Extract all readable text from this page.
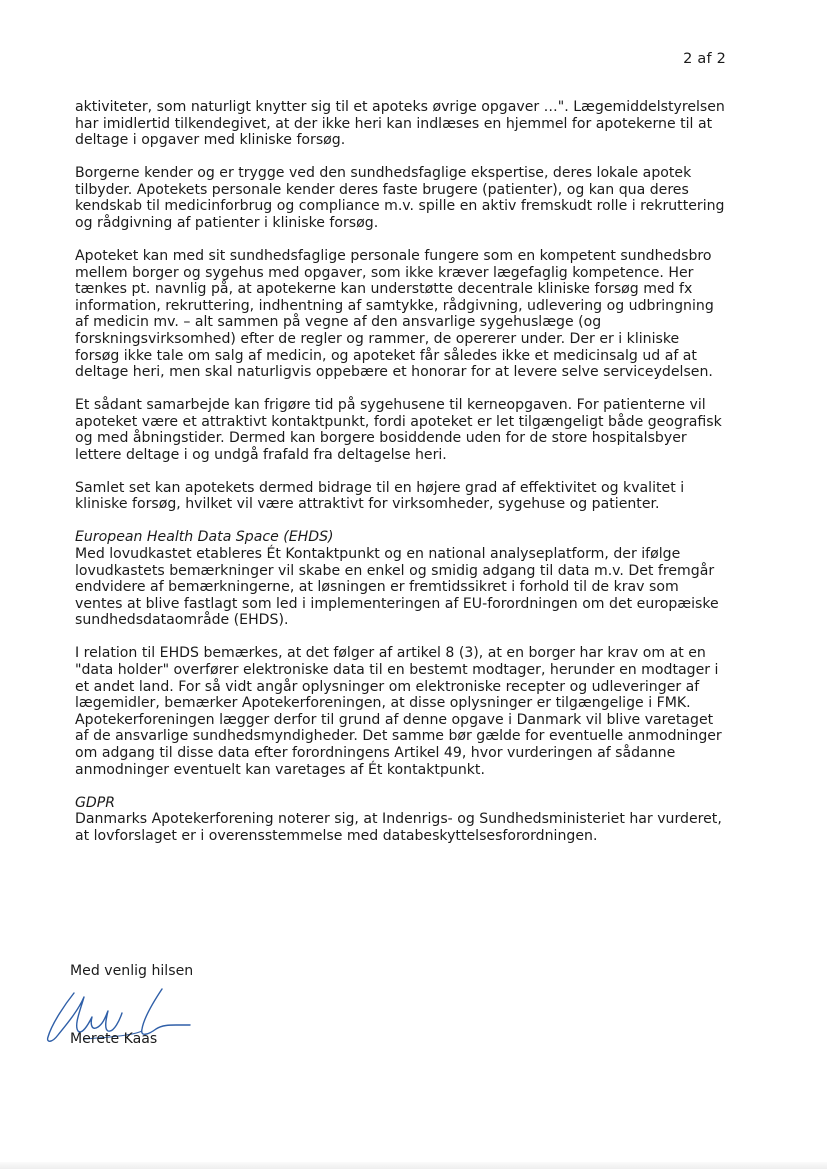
2 af 2

aktiviteter, som naturligt knytter sig til et apoteks øvrige opgaver …". Lægemiddelstyrelsen har imidlertid tilkendegivet, at der ikke heri kan indlæses en hjemmel for apotekerne til at deltage i opgaver med kliniske forsøg.

Borgerne kender og er trygge ved den sundhedsfaglige ekspertise, deres lokale apotek tilbyder. Apotekets personale kender deres faste brugere (patienter), og kan qua deres kendskab til medicinforbrug og compliance m.v. spille en aktiv fremskudt rolle i rekruttering og rådgivning af patienter i kliniske forsøg.

Apoteket kan med sit sundhedsfaglige personale fungere som en kompetent sundhedsbro mellem borger og sygehus med opgaver, som ikke kræver lægefaglig kompetence. Her tænkes pt. navnlig på, at apotekerne kan understøtte decentrale kliniske forsøg med fx information, rekruttering, indhentning af samtykke, rådgivning, udlevering og udbringning af medicin mv. – alt sammen på vegne af den ansvarlige sygehuslæge (og forskningsvirksomhed) efter de regler og rammer, de opererer under. Der er i kliniske forsøg ikke tale om salg af medicin, og apoteket får således ikke et medicinsalg ud af at deltage heri, men skal naturligvis oppebære et honorar for at levere selve serviceydelsen.

Et sådant samarbejde kan frigøre tid på sygehusene til kerneopgaven. For patienterne vil apoteket være et attraktivt kontaktpunkt, fordi apoteket er let tilgængeligt både geografisk og med åbningstider. Dermed kan borgere bosiddende uden for de store hospitalsbyer lettere deltage i og undgå frafald fra deltagelse heri.

Samlet set kan apotekets dermed bidrage til en højere grad af effektivitet og kvalitet i kliniske forsøg, hvilket vil være attraktivt for virksomheder, sygehuse og patienter.

European Health Data Space (EHDS)
Med lovudkastet etableres Ét Kontaktpunkt og en national analyseplatform, der ifølge lovudkastets bemærkninger vil skabe en enkel og smidig adgang til data m.v. Det fremgår endvidere af bemærkningerne, at løsningen er fremtidssikret i forhold til de krav som ventes at blive fastlagt som led i implementeringen af EU-forordningen om det europæiske sundhedsdataområde (EHDS).

I relation til EHDS bemærkes, at det følger af artikel 8 (3), at en borger har krav om at en "data holder" overfører elektroniske data til en bestemt modtager, herunder en modtager i et andet land. For så vidt angår oplysninger om elektroniske recepter og udleveringer af lægemidler, bemærker Apotekerforeningen, at disse oplysninger er tilgængelige i FMK. Apotekerforeningen lægger derfor til grund af denne opgave i Danmark vil blive varetaget af de ansvarlige sundhedsmyndigheder. Det samme bør gælde for eventuelle anmodninger om adgang til disse data efter forordningens Artikel 49, hvor vurderingen af sådanne anmodninger eventuelt kan varetages af Ét kontaktpunkt.

GDPR
Danmarks Apotekerforening noterer sig, at Indenrigs- og Sundhedsministeriet har vurderet, at lovforslaget er i overensstemmelse med databeskyttelsesforordningen.

Med venlig hilsen
Merete Kaas
